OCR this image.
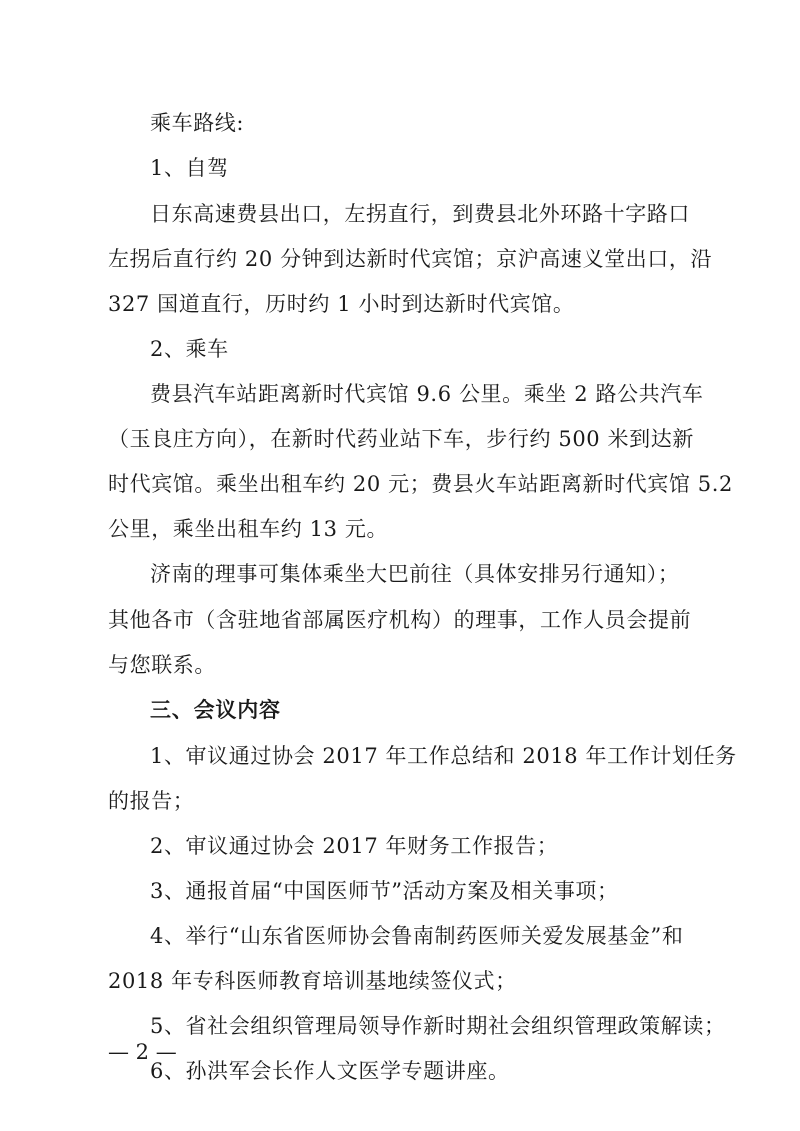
乘车路线:
1、自驾
日东高速费县出口，左拐直行，到费县北外环路十字路口
左拐后直行约 20 分钟到达新时代宾馆；京沪高速义堂出口，沿
327 国道直行，历时约 1 小时到达新时代宾馆。
2、乘车
费县汽车站距离新时代宾馆 9.6 公里。乘坐 2 路公共汽车
（玉良庄方向），在新时代药业站下车，步行约 500 米到达新
时代宾馆。乘坐出租车约 20 元；费县火车站距离新时代宾馆 5.2
公里，乘坐出租车约 13 元。
济南的理事可集体乘坐大巴前往（具体安排另行通知）；
其他各市（含驻地省部属医疗机构）的理事，工作人员会提前
与您联系。
三、会议内容
1、审议通过协会 2017 年工作总结和 2018 年工作计划任务
的报告；
2、审议通过协会 2017 年财务工作报告；
3、通报首届“中国医师节”活动方案及相关事项；
4、举行“山东省医师协会鲁南制药医师关爱发展基金”和
2018 年专科医师教育培训基地续签仪式；
5、省社会组织管理局领导作新时期社会组织管理政策解读；
6、孙洪军会长作人文医学专题讲座。
— 2 —
